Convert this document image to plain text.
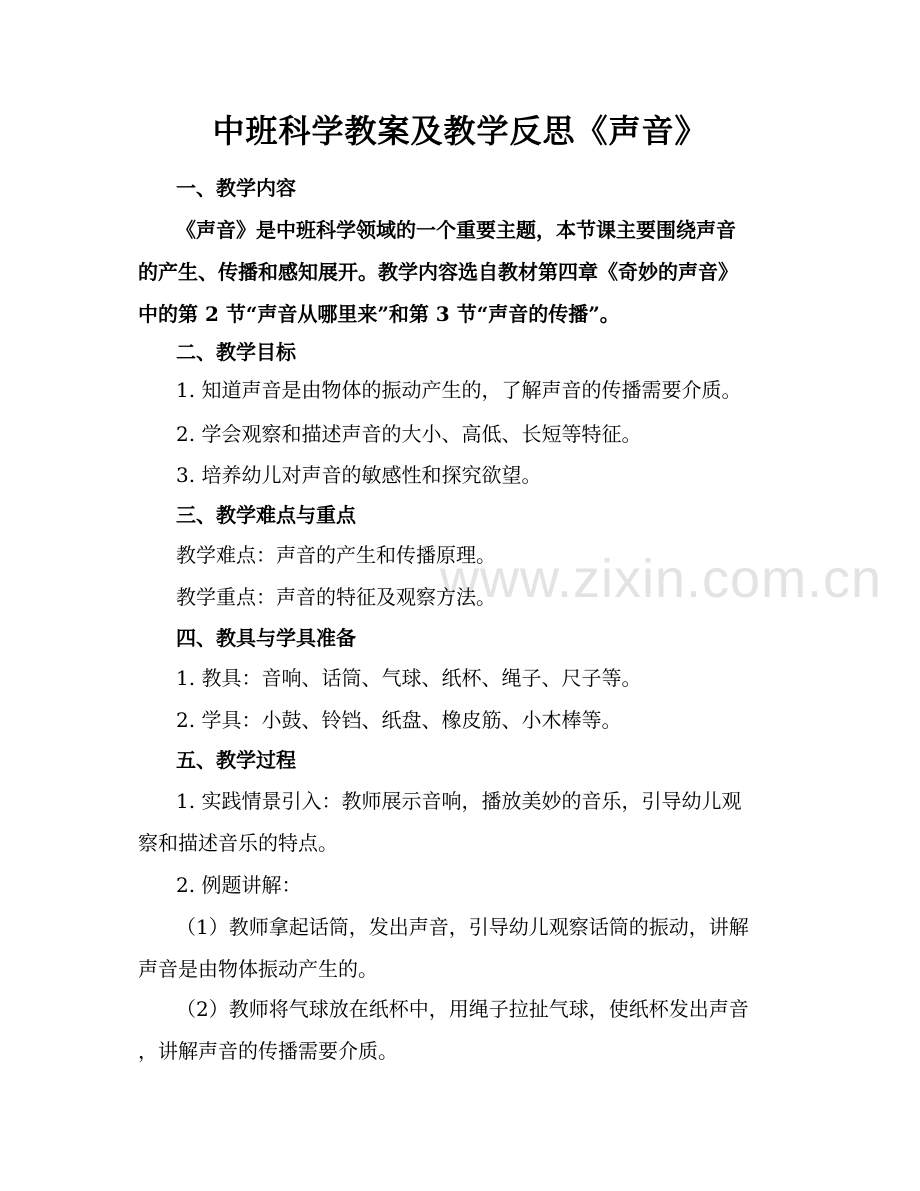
www.zixin.com.cn
中班科学教案及教学反思《声音》
一、教学内容
《声音》是中班科学领域的一个重要主题，本节课主要围绕声音
的产生、传播和感知展开。教学内容选自教材第四章《奇妙的声音》
中的第 2 节“声音从哪里来”和第 3 节“声音的传播”。
二、教学目标
1. 知道声音是由物体的振动产生的，了解声音的传播需要介质。
2. 学会观察和描述声音的大小、高低、长短等特征。
3. 培养幼儿对声音的敏感性和探究欲望。
三、教学难点与重点
教学难点：声音的产生和传播原理。
教学重点：声音的特征及观察方法。
四、教具与学具准备
1. 教具：音响、话筒、气球、纸杯、绳子、尺子等。
2. 学具：小鼓、铃铛、纸盘、橡皮筋、小木棒等。
五、教学过程
1. 实践情景引入：教师展示音响，播放美妙的音乐，引导幼儿观
察和描述音乐的特点。
2. 例题讲解：
（1）教师拿起话筒，发出声音，引导幼儿观察话筒的振动，讲解
声音是由物体振动产生的。
（2）教师将气球放在纸杯中，用绳子拉扯气球，使纸杯发出声音
，讲解声音的传播需要介质。
